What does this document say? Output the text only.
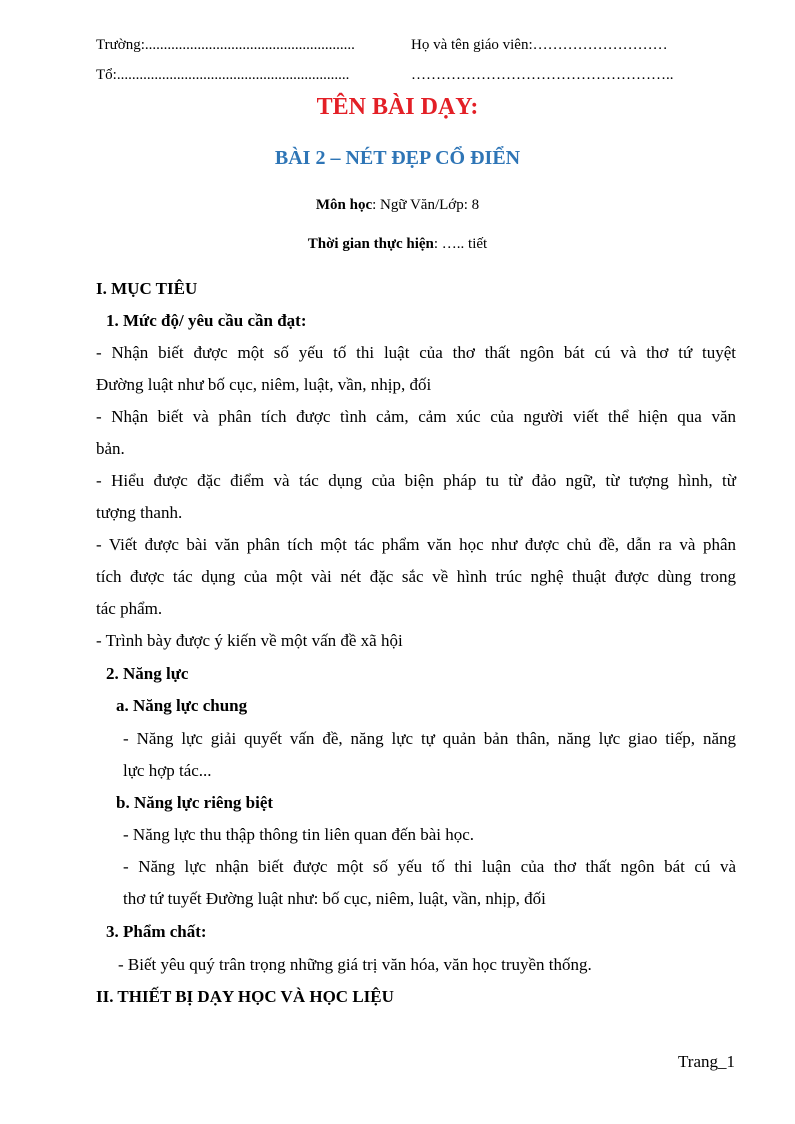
Trường:........................................................	Họ và tên giáo viên:………………………
Tổ:..............................................................	……………………………………………..
TÊN BÀI DẠY:
BÀI 2 – NÉT ĐẸP CỔ ĐIỂN
Môn học: Ngữ Văn/Lớp: 8
Thời gian thực hiện: ….. tiết
I. MỤC TIÊU
1. Mức độ/ yêu cầu cần đạt:
- Nhận biết được một số yếu tố thi luật của thơ thất ngôn bát cú và thơ tứ tuyệt
Đường luật như bố cục, niêm, luật, vần, nhịp, đối
- Nhận biết và phân tích được tình cảm, cảm xúc của người viết thể hiện qua văn
bản.
- Hiểu được đặc điểm và tác dụng của biện pháp tu từ đảo ngữ, từ tượng hình, từ
tượng thanh.
- Viết được bài văn phân tích một tác phẩm văn học như được chủ đề, dẫn ra và phân
tích được tác dụng của một vài nét đặc sắc về hình trúc nghệ thuật được dùng trong
tác phẩm.
- Trình bày được ý kiến về một vấn đề xã hội
2. Năng lực
a. Năng lực chung
- Năng lực giải quyết vấn đề, năng lực tự quản bản thân, năng lực giao tiếp, năng
lực hợp tác...
b. Năng lực riêng biệt
- Năng lực thu thập thông tin liên quan đến bài học.
- Năng lực nhận biết được một số yếu tố thi luận của thơ thất ngôn bát cú và
thơ tứ tuyết Đường luật như: bố cục, niêm, luật, vần, nhịp, đối
3. Phẩm chất:
- Biết yêu quý trân trọng những giá trị văn hóa, văn học truyền thống.
II. THIẾT BỊ DẠY HỌC VÀ HỌC LIỆU
Trang_1
